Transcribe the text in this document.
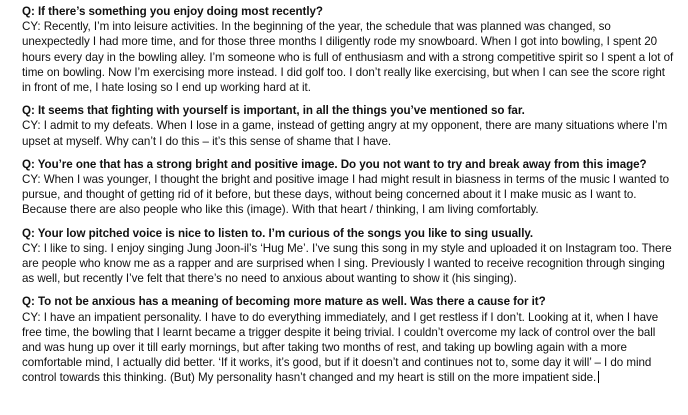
Q: If there’s something you enjoy doing most recently?

CY: Recently, I’m into leisure activities. In the beginning of the year, the schedule that was planned was changed, so unexpectedly I had more time, and for those three months I diligently rode my snowboard. When I got into bowling, I spent 20 hours every day in the bowling alley. I’m someone who is full of enthusiasm and with a strong competitive spirit so I spent a lot of time on bowling. Now I’m exercising more instead. I did golf too. I don’t really like exercising, but when I can see the score right in front of me, I hate losing so I end up working hard at it.

Q: It seems that fighting with yourself is important, in all the things you’ve mentioned so far.

CY: I admit to my defeats. When I lose in a game, instead of getting angry at my opponent, there are many situations where I’m upset at myself. Why can’t I do this – it’s this sense of shame that I have.

Q: You’re one that has a strong bright and positive image. Do you not want to try and break away from this image?

CY: When I was younger, I thought the bright and positive image I had might result in biasness in terms of the music I wanted to pursue, and thought of getting rid of it before, but these days, without being concerned about it I make music as I want to. Because there are also people who like this (image). With that heart / thinking, I am living comfortably.

Q: Your low pitched voice is nice to listen to. I’m curious of the songs you like to sing usually.

CY: I like to sing. I enjoy singing Jung Joon-il’s ‘Hug Me’. I’ve sung this song in my style and uploaded it on Instagram too. There are people who know me as a rapper and are surprised when I sing. Previously I wanted to receive recognition through singing as well, but recently I’ve felt that there’s no need to anxious about wanting to show it (his singing).

Q: To not be anxious has a meaning of becoming more mature as well. Was there a cause for it?

CY: I have an impatient personality. I have to do everything immediately, and I get restless if I don’t. Looking at it, when I have free time, the bowling that I learnt became a trigger despite it being trivial. I couldn’t overcome my lack of control over the ball and was hung up over it till early mornings, but after taking two months of rest, and taking up bowling again with a more comfortable mind, I actually did better. ‘If it works, it’s good, but if it doesn’t and continues not to, some day it will’ – I do mind control towards this thinking. (But) My personality hasn’t changed and my heart is still on the more impatient side.
